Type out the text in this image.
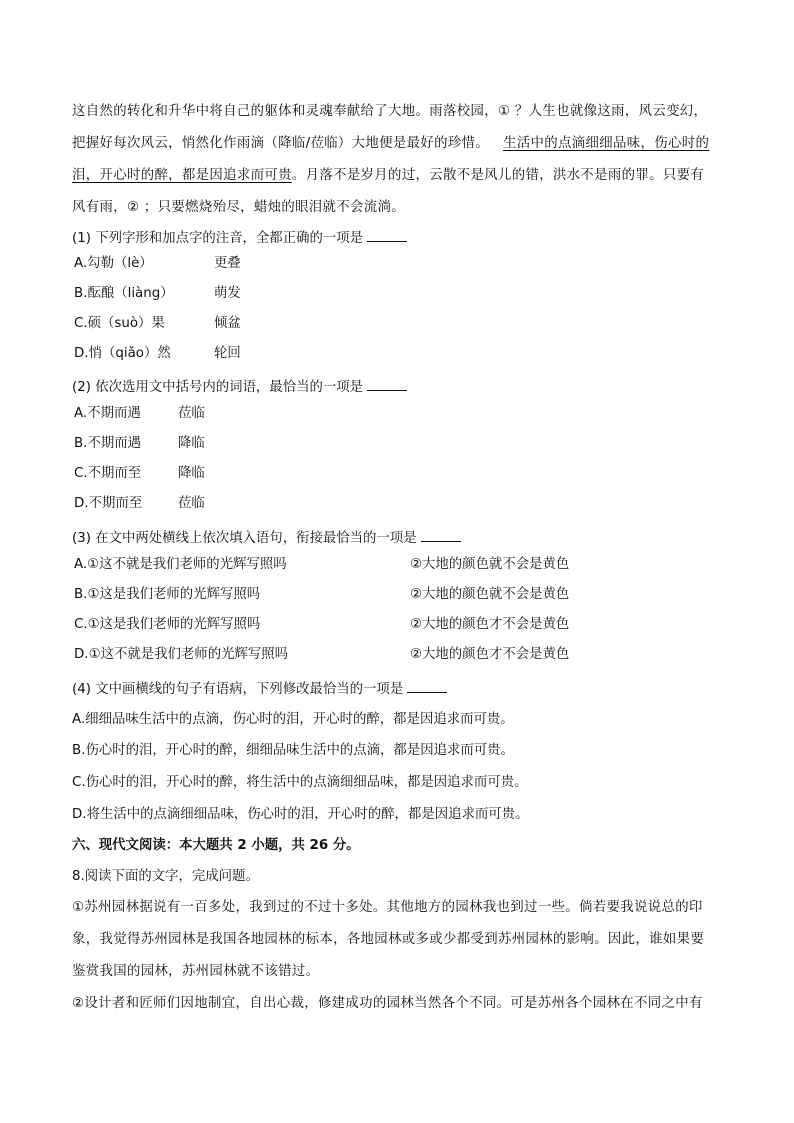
这自然的转化和升华中将自己的躯体和灵魂奉献给了大地。雨落校园，① ？人生也就像这雨，风云变幻，
把握好每次风云，悄然化作雨滴（降临/莅临）大地便是最好的珍惜。 生活中的点滴细细品味，伤心时的
泪，开心时的醉，都是因追求而可贵。月落不是岁月的过，云散不是风儿的错，洪水不是雨的罪。只要有
风有雨，② ；只要燃烧殆尽，蜡烛的眼泪就不会流淌。
(1) 下列字形和加点字的注音，全都正确的一项是
A.勾勒（lè）	更叠
B.酝酿（liàng）	萌发
C.硕（suò）果	倾盆
D.悄（qiǎo）然	轮回
(2) 依次选用文中括号内的词语，最恰当的一项是
A.不期而遇	莅临
B.不期而遇	降临
C.不期而至	降临
D.不期而至	莅临
(3) 在文中两处横线上依次填入语句，衔接最恰当的一项是
A.①这不就是我们老师的光辉写照吗	②大地的颜色就不会是黄色
B.①这是我们老师的光辉写照吗	②大地的颜色就不会是黄色
C.①这是我们老师的光辉写照吗	②大地的颜色才不会是黄色
D.①这不就是我们老师的光辉写照吗	②大地的颜色才不会是黄色
(4) 文中画横线的句子有语病，下列修改最恰当的一项是
A.细细品味生活中的点滴，伤心时的泪，开心时的醉，都是因追求而可贵。
B.伤心时的泪，开心时的醉，细细品味生活中的点滴，都是因追求而可贵。
C.伤心时的泪，开心时的醉，将生活中的点滴细细品味，都是因追求而可贵。
D.将生活中的点滴细细品味，伤心时的泪，开心时的醉，都是因追求而可贵。
六、现代文阅读：本大题共 2 小题，共 26 分。
8.阅读下面的文字，完成问题。
①苏州园林据说有一百多处，我到过的不过十多处。其他地方的园林我也到过一些。倘若要我说说总的印
象，我觉得苏州园林是我国各地园林的标本，各地园林或多或少都受到苏州园林的影响。因此，谁如果要
鉴赏我国的园林，苏州园林就不该错过。
②设计者和匠师们因地制宜，自出心裁，修建成功的园林当然各个不同。可是苏州各个园林在不同之中有
